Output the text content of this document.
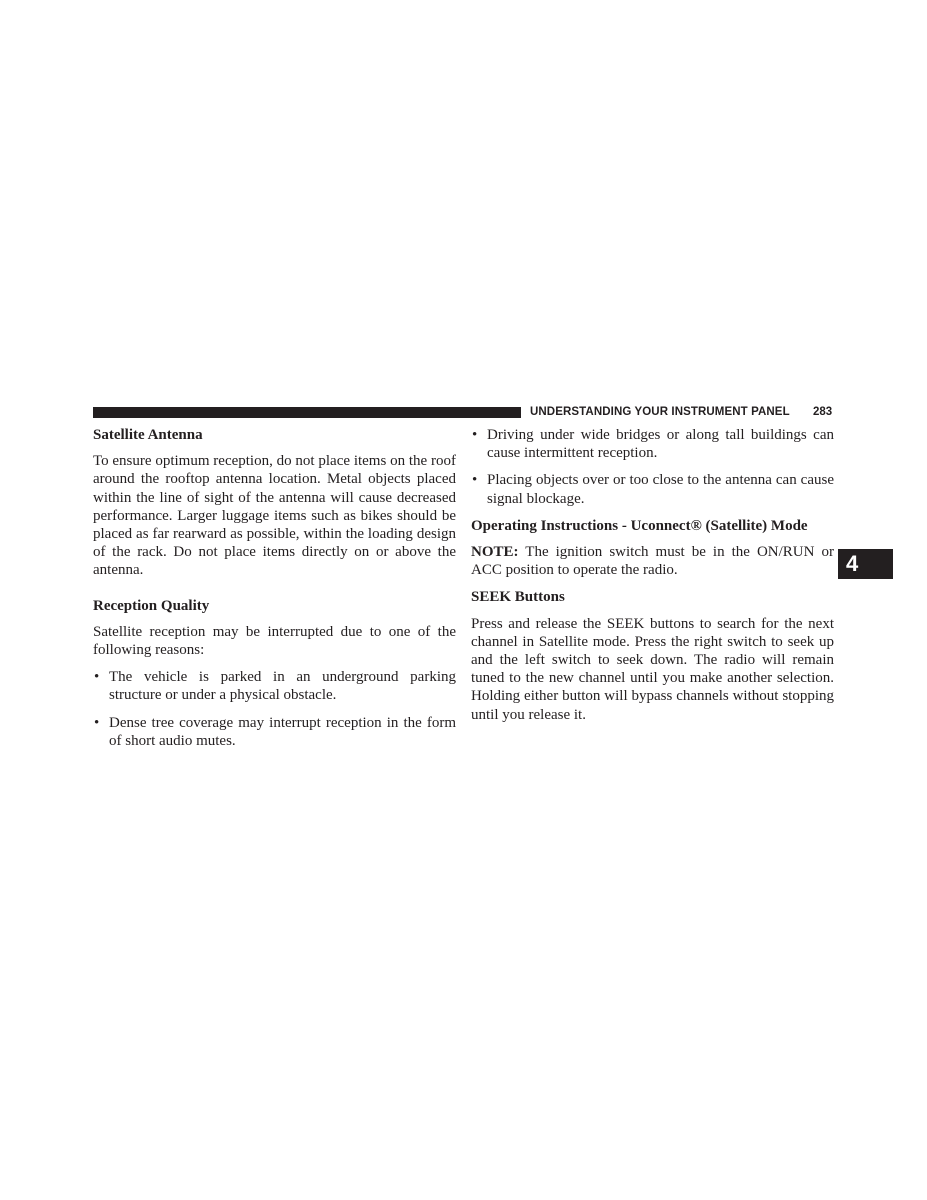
UNDERSTANDING YOUR INSTRUMENT PANEL 283
4
Satellite Antenna

To ensure optimum reception, do not place items on the roof around the rooftop antenna location. Metal objects placed within the line of sight of the antenna will cause decreased performance. Larger luggage items such as bikes should be placed as far rearward as possible, within the loading design of the rack. Do not place items directly on or above the antenna.

Reception Quality

Satellite reception may be interrupted due to one of the following reasons:

• The vehicle is parked in an underground parking structure or under a physical obstacle.
• Dense tree coverage may interrupt reception in the form of short audio mutes.
• Driving under wide bridges or along tall buildings can cause intermittent reception.
• Placing objects over or too close to the antenna can cause signal blockage.
Operating Instructions - Uconnect® (Satellite) Mode

NOTE: The ignition switch must be in the ON/RUN or ACC position to operate the radio.

SEEK Buttons

Press and release the SEEK buttons to search for the next channel in Satellite mode. Press the right switch to seek up and the left switch to seek down. The radio will remain tuned to the new channel until you make another selection. Holding either button will bypass channels without stopping until you release it.
